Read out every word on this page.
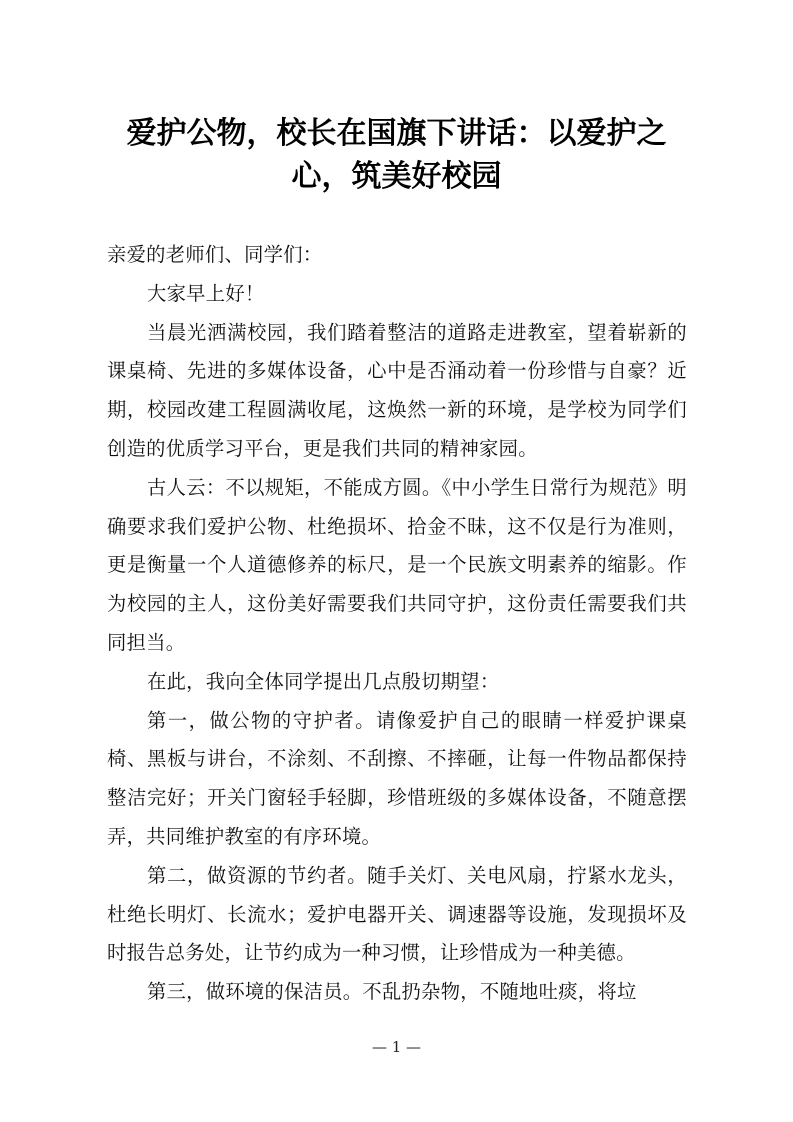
爱护公物，校长在国旗下讲话：以爱护之心，筑美好校园

亲爱的老师们、同学们：

大家早上好！

当晨光洒满校园，我们踏着整洁的道路走进教室，望着崭新的课桌椅、先进的多媒体设备，心中是否涌动着一份珍惜与自豪？近期，校园改建工程圆满收尾，这焕然一新的环境，是学校为同学们创造的优质学习平台，更是我们共同的精神家园。

古人云：不以规矩，不能成方圆。《中小学生日常行为规范》明确要求我们爱护公物、杜绝损坏、拾金不昧，这不仅是行为准则，更是衡量一个人道德修养的标尺，是一个民族文明素养的缩影。作为校园的主人，这份美好需要我们共同守护，这份责任需要我们共同担当。

在此，我向全体同学提出几点殷切期望：

第一，做公物的守护者。请像爱护自己的眼睛一样爱护课桌椅、黑板与讲台，不涂刻、不刮擦、不摔砸，让每一件物品都保持整洁完好；开关门窗轻手轻脚，珍惜班级的多媒体设备，不随意摆弄，共同维护教室的有序环境。

第二，做资源的节约者。随手关灯、关电风扇，拧紧水龙头，杜绝长明灯、长流水；爱护电器开关、调速器等设施，发现损坏及时报告总务处，让节约成为一种习惯，让珍惜成为一种美德。

第三，做环境的保洁员。不乱扔杂物，不随地吐痰，将垃

— 1 —
